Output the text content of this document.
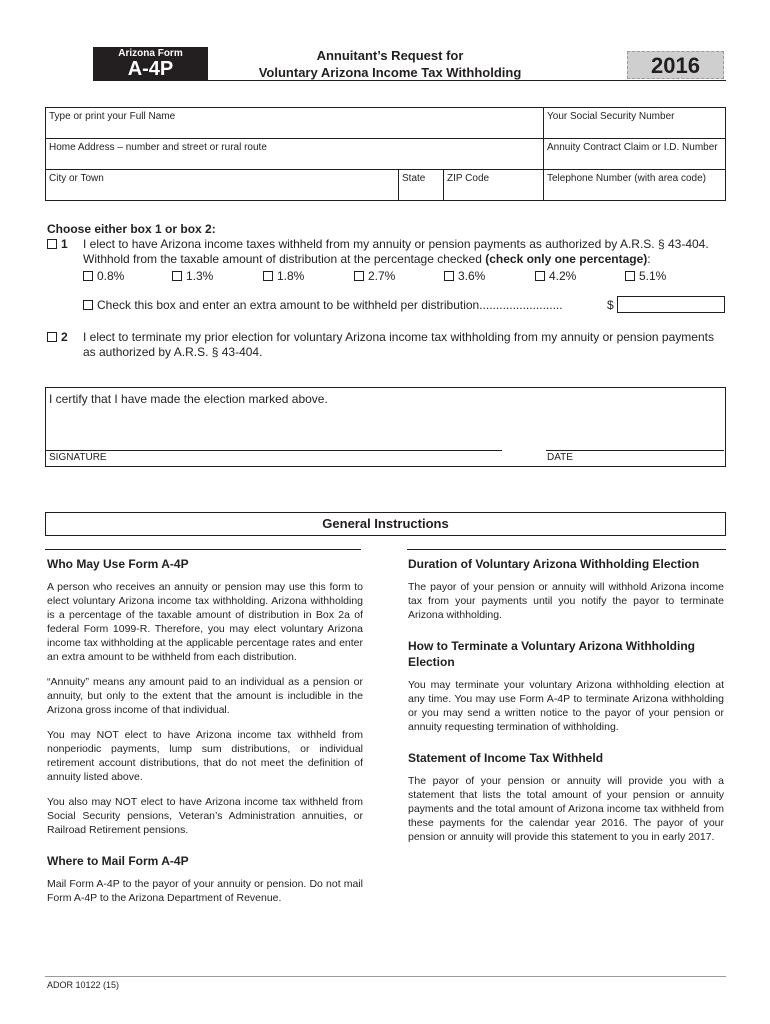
Arizona Form
A-4P
Annuitant’s Request for
Voluntary Arizona Income Tax Withholding	2016
Type or print your Full Name	Your Social Security Number
Home Address – number and street or rural route	Annuity Contract Claim or I.D. Number
City or Town	State	ZIP Code	Telephone Number (with area code)
Choose either box 1 or box 2:
1 I elect to have Arizona income taxes withheld from my annuity or pension payments as authorized by A.R.S. § 43-404.
Withhold from the taxable amount of distribution at the percentage checked (check only one percentage):
0.8%	1.3%	1.8%	2.7%	3.6%	4.2%	5.1%
Check this box and enter an extra amount to be withheld per distribution.........................	$
2 I elect to terminate my prior election for voluntary Arizona income tax withholding from my annuity or pension payments
as authorized by A.R.S. § 43-404.
I certify that I have made the election marked above.
SIGNATURE	DATE
General Instructions
Who May Use Form A-4P

A person who receives an annuity or pension may use this form to elect voluntary Arizona income tax withholding. Arizona withholding is a percentage of the taxable amount of distribution in Box 2a of federal Form 1099-R. Therefore, you may elect voluntary Arizona income tax withholding at the applicable percentage rates and enter an extra amount to be withheld from each distribution.

“Annuity” means any amount paid to an individual as a pension or annuity, but only to the extent that the amount is includible in the Arizona gross income of that individual.

You may NOT elect to have Arizona income tax withheld from nonperiodic payments, lump sum distributions, or individual retirement account distributions, that do not meet the definition of annuity listed above.

You also may NOT elect to have Arizona income tax withheld from Social Security pensions, Veteran’s Administration annuities, or Railroad Retirement pensions.

Where to Mail Form A-4P

Mail Form A-4P to the payor of your annuity or pension. Do not mail Form A-4P to the Arizona Department of Revenue.

Duration of Voluntary Arizona Withholding Election

The payor of your pension or annuity will withhold Arizona income tax from your payments until you notify the payor to terminate Arizona withholding.

How to Terminate a Voluntary Arizona Withholding Election

You may terminate your voluntary Arizona withholding election at any time. You may use Form A-4P to terminate Arizona withholding or you may send a written notice to the payor of your pension or annuity requesting termination of withholding.

Statement of Income Tax Withheld

The payor of your pension or annuity will provide you with a statement that lists the total amount of your pension or annuity payments and the total amount of Arizona income tax withheld from these payments for the calendar year 2016. The payor of your pension or annuity will provide this statement to you in early 2017.

ADOR 10122 (15)
